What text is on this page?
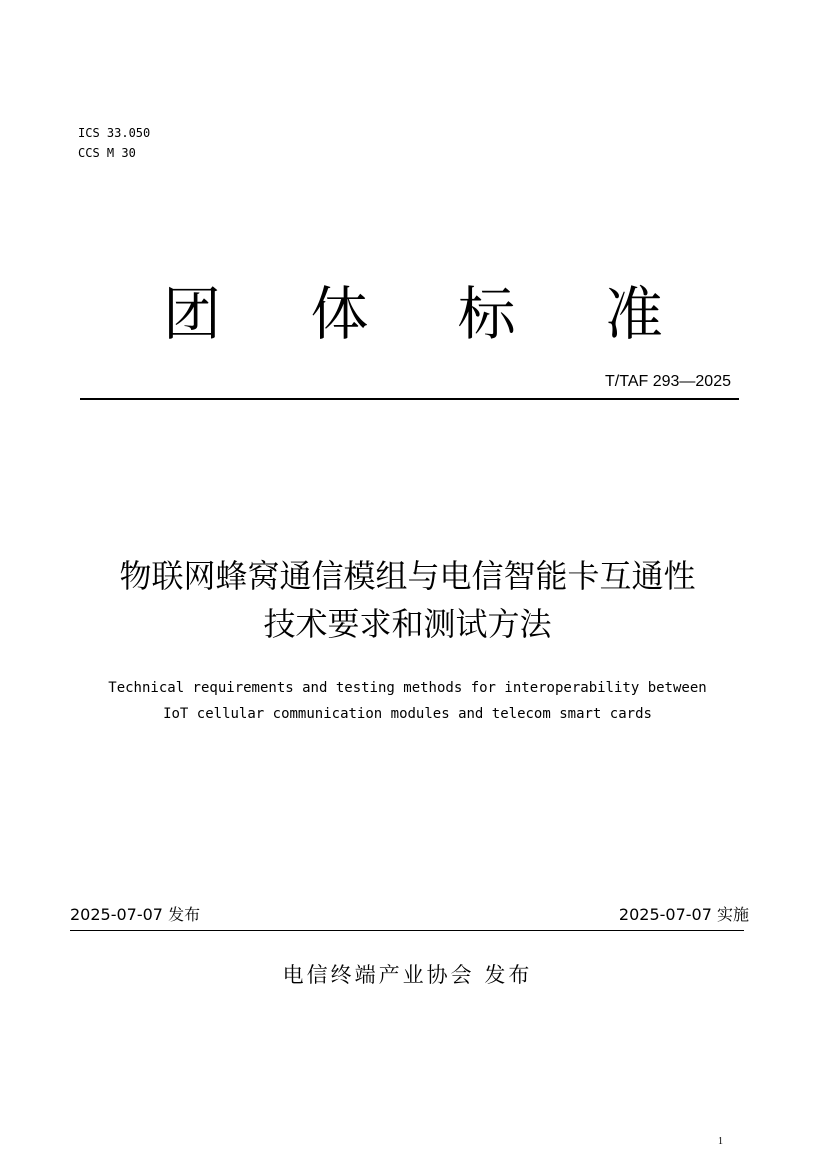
ICS 33.050
CCS M 30
团 体 标 准
T/TAF 293—2025
物联网蜂窝通信模组与电信智能卡互通性
技术要求和测试方法
Technical requirements and testing methods for interoperability between
IoT cellular communication modules and telecom smart cards
2025-07-07 发布	2025-07-07 实施
电信终端产业协会 发布
1
